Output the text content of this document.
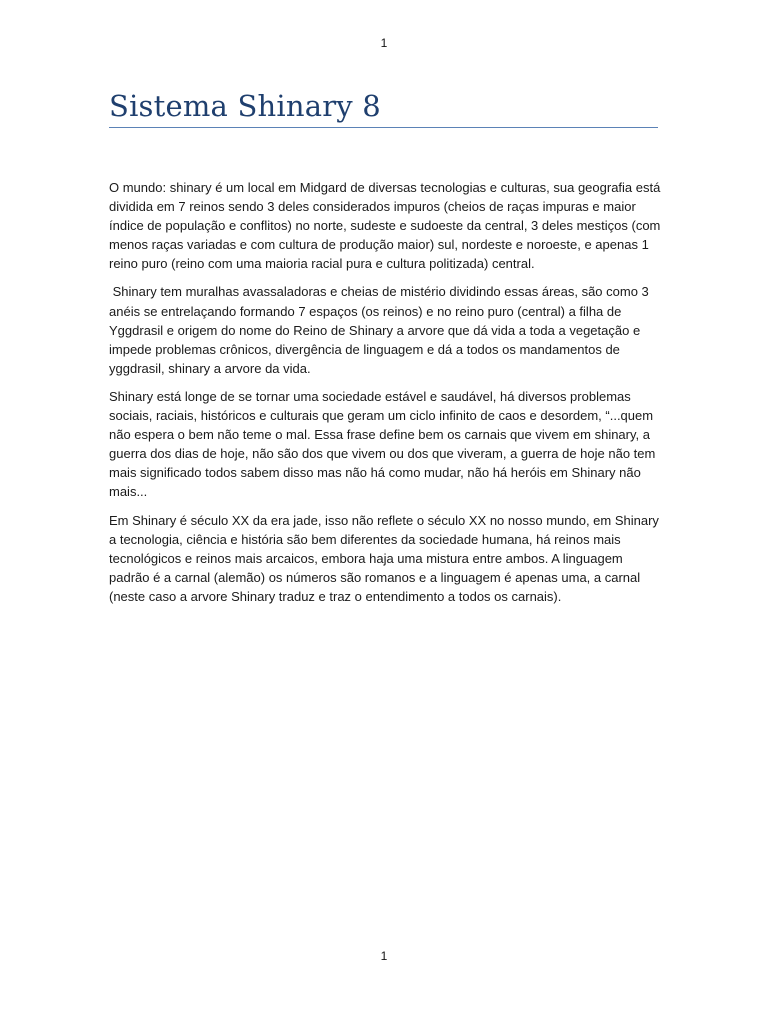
1
Sistema Shinary 8

O mundo: shinary é um local em Midgard de diversas tecnologias e culturas, sua geografia está dividida em 7 reinos sendo 3 deles considerados impuros (cheios de raças impuras e maior índice de população e conflitos) no norte, sudeste e sudoeste da central, 3 deles mestiços (com menos raças variadas e com cultura de produção maior) sul, nordeste e noroeste, e apenas 1 reino puro (reino com uma maioria racial pura e cultura politizada) central.

Shinary tem muralhas avassaladoras e cheias de mistério dividindo essas áreas, são como 3 anéis se entrelaçando formando 7 espaços (os reinos) e no reino puro (central) a filha de Yggdrasil e origem do nome do Reino de Shinary a arvore que dá vida a toda a vegetação e impede problemas crônicos, divergência de linguagem e dá a todos os mandamentos de yggdrasil, shinary a arvore da vida.

Shinary está longe de se tornar uma sociedade estável e saudável, há diversos problemas sociais, raciais, históricos e culturais que geram um ciclo infinito de caos e desordem, “...quem não espera o bem não teme o mal. Essa frase define bem os carnais que vivem em shinary, a guerra dos dias de hoje, não são dos que vivem ou dos que viveram, a guerra de hoje não tem mais significado todos sabem disso mas não há como mudar, não há heróis em Shinary não mais...

Em Shinary é século XX da era jade, isso não reflete o século XX no nosso mundo, em Shinary a tecnologia, ciência e história são bem diferentes da sociedade humana, há reinos mais tecnológicos e reinos mais arcaicos, embora haja uma mistura entre ambos. A linguagem padrão é a carnal (alemão) os números são romanos e a linguagem é apenas uma, a carnal (neste caso a arvore Shinary traduz e traz o entendimento a todos os carnais).

1
